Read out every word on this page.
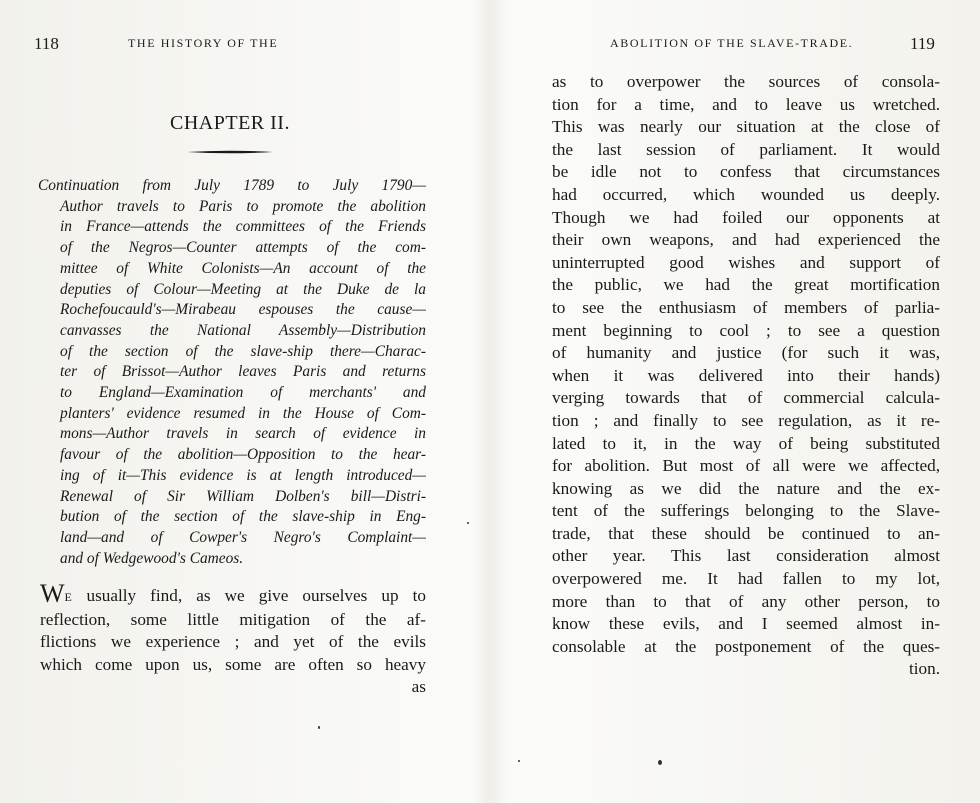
118	THE HISTORY OF THE
CHAPTER II.
Continuation from July 1789 to July 1790—
Author travels to Paris to promote the abolition
in France—attends the committees of the Friends
of the Negros—Counter attempts of the com-
mittee of White Colonists—An account of the
deputies of Colour—Meeting at the Duke de la
Rochefoucauld's—Mirabeau espouses the cause—
canvasses the National Assembly—Distribution
of the section of the slave-ship there—Charac-
ter of Brissot—Author leaves Paris and returns
to England—Examination of merchants' and
planters' evidence resumed in the House of Com-
mons—Author travels in search of evidence in
favour of the abolition—Opposition to the hear-
ing of it—This evidence is at length introduced—
Renewal of Sir William Dolben's bill—Distri-
bution of the section of the slave-ship in Eng-
land—and of Cowper's Negro's Complaint—
and of Wedgewood's Cameos.
WE usually find, as we give ourselves up to
reflection, some little mitigation of the af-
flictions we experience ; and yet of the evils
which come upon us, some are often so heavy
as
ABOLITION OF THE SLAVE-TRADE.	119
as to overpower the sources of consola-
tion for a time, and to leave us wretched.
This was nearly our situation at the close of
the last session of parliament. It would
be idle not to confess that circumstances
had occurred, which wounded us deeply.
Though we had foiled our opponents at
their own weapons, and had experienced the
uninterrupted good wishes and support of
the public, we had the great mortification
to see the enthusiasm of members of parlia-
ment beginning to cool ; to see a question
of humanity and justice (for such it was,
when it was delivered into their hands)
verging towards that of commercial calcula-
tion ; and finally to see regulation, as it re-
lated to it, in the way of being substituted
for abolition. But most of all were we affected,
knowing as we did the nature and the ex-
tent of the sufferings belonging to the Slave-
trade, that these should be continued to an-
other year. This last consideration almost
overpowered me. It had fallen to my lot,
more than to that of any other person, to
know these evils, and I seemed almost in-
consolable at the postponement of the ques-
tion.
